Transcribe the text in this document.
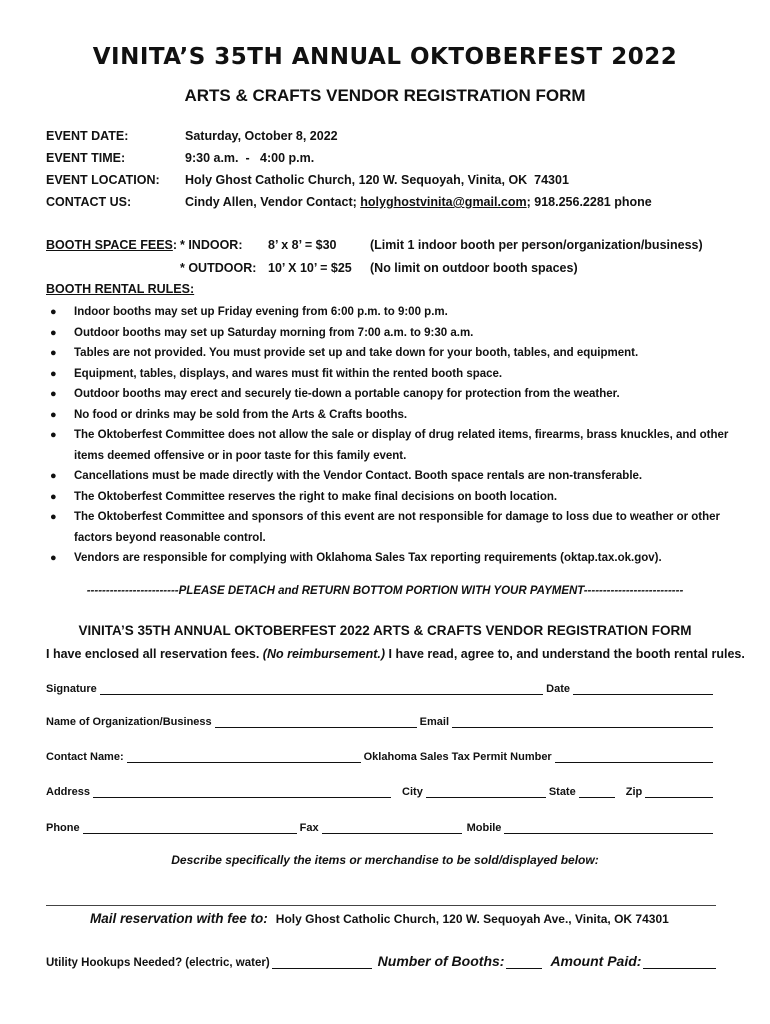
VINITA’S 35TH ANNUAL OKTOBERFEST 2022
ARTS & CRAFTS VENDOR REGISTRATION FORM
EVENT DATE:	Saturday, October 8, 2022
EVENT TIME:	9:30 a.m.  -   4:00 p.m.
EVENT LOCATION: Holy Ghost Catholic Church, 120 W. Sequoyah, Vinita, OK  74301
CONTACT US:	Cindy Allen, Vendor Contact; holyghostvinita@gmail.com; 918.256.2281 phone
BOOTH SPACE FEES: * INDOOR: 8’ x 8’ = $30	(Limit 1 indoor booth per person/organization/business)
* OUTDOOR: 10’ X 10’ = $25 (No limit on outdoor booth spaces)
BOOTH RENTAL RULES:
● Indoor booths may set up Friday evening from 6:00 p.m. to 9:00 p.m.
● Outdoor booths may set up Saturday morning from 7:00 a.m. to 9:30 a.m.
● Tables are not provided. You must provide set up and take down for your booth, tables, and equipment.
● Equipment, tables, displays, and wares must fit within the rented booth space.
● Outdoor booths may erect and securely tie-down a portable canopy for protection from the weather.
● No food or drinks may be sold from the Arts & Crafts booths.
● The Oktoberfest Committee does not allow the sale or display of drug related items, firearms, brass knuckles, and other items deemed offensive or in poor taste for this family event.
● Cancellations must be made directly with the Vendor Contact. Booth space rentals are non-transferable.
● The Oktoberfest Committee reserves the right to make final decisions on booth location.
● The Oktoberfest Committee and sponsors of this event are not responsible for damage to loss due to weather or other factors beyond reasonable control.
● Vendors are responsible for complying with Oklahoma Sales Tax reporting requirements (oktap.tax.ok.gov).
------------------------PLEASE DETACH and RETURN BOTTOM PORTION WITH YOUR PAYMENT--------------------------
VINITA’S 35TH ANNUAL OKTOBERFEST 2022 ARTS & CRAFTS VENDOR REGISTRATION FORM
I have enclosed all reservation fees. (No reimbursement.) I have read, agree to, and understand the booth rental rules.
Signature	Date
Name of Organization/Business	Email
Contact Name:	Oklahoma Sales Tax Permit Number
Address	City	State	Zip
Phone	Fax	Mobile
Describe specifically the items or merchandise to be sold/displayed below:
Mail reservation with fee to: Holy Ghost Catholic Church, 120 W. Sequoyah Ave., Vinita, OK 74301
Utility Hookups Needed? (electric, water)	Number of Booths:	Amount Paid:
